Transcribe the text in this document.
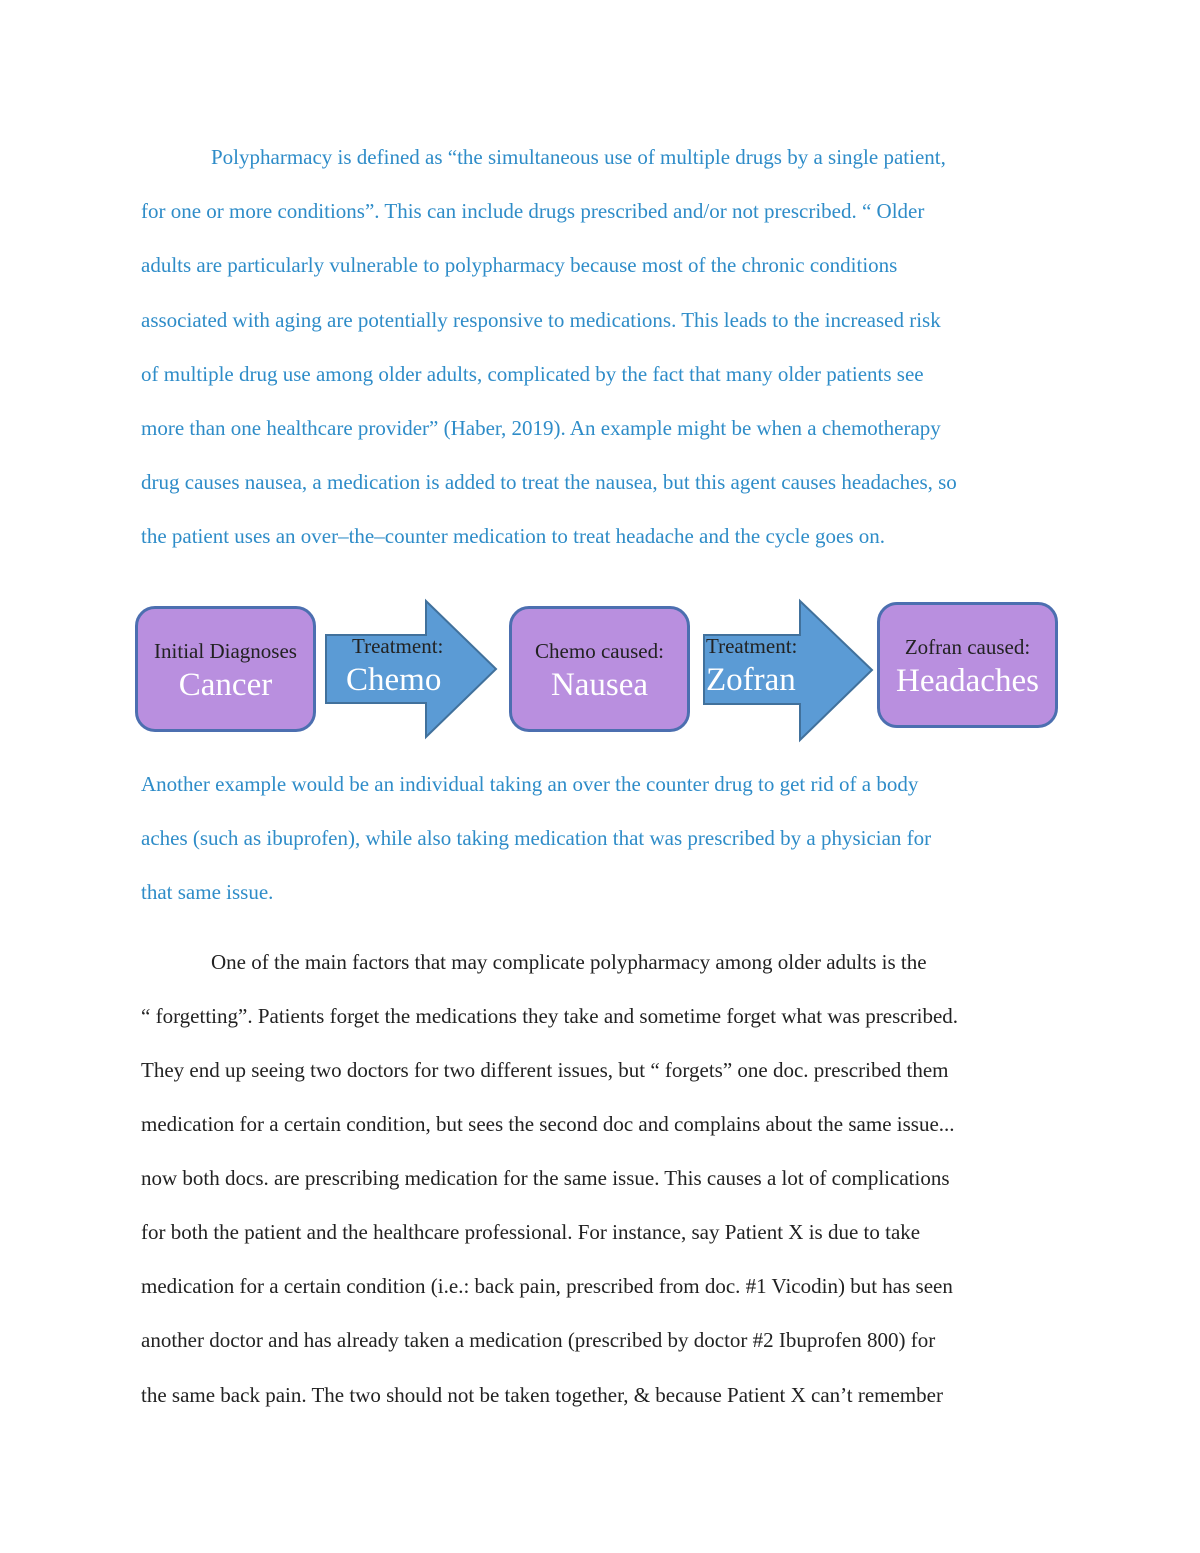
Polypharmacy is defined as “the simultaneous use of multiple drugs by a single patient,
for one or more conditions”. This can include drugs prescribed and/or not prescribed. “ Older
adults are particularly vulnerable to polypharmacy because most of the chronic conditions
associated with aging are potentially responsive to medications. This leads to the increased risk
of multiple drug use among older adults, complicated by the fact that many older patients see
more than one healthcare provider” (Haber, 2019). An example might be when a chemotherapy
drug causes nausea, a medication is added to treat the nausea, but this agent causes headaches, so
the patient uses an over–the–counter medication to treat headache and the cycle goes on.
Initial Diagnoses
Cancer
Treatment:
Chemo
Chemo caused:
Nausea
Treatment:
Zofran
Zofran caused:
Headaches
Another example would be an individual taking an over the counter drug to get rid of a body
aches (such as ibuprofen), while also taking medication that was prescribed by a physician for
that same issue.
One of the main factors that may complicate polypharmacy among older adults is the
“ forgetting”. Patients forget the medications they take and sometime forget what was prescribed.
They end up seeing two doctors for two different issues, but “ forgets” one doc. prescribed them
medication for a certain condition, but sees the second doc and complains about the same issue...
now both docs. are prescribing medication for the same issue. This causes a lot of complications
for both the patient and the healthcare professional. For instance, say Patient X is due to take
medication for a certain condition (i.e.: back pain, prescribed from doc. #1 Vicodin) but has seen
another doctor and has already taken a medication (prescribed by doctor #2 Ibuprofen 800) for
the same back pain. The two should not be taken together, & because Patient X can’t remember
